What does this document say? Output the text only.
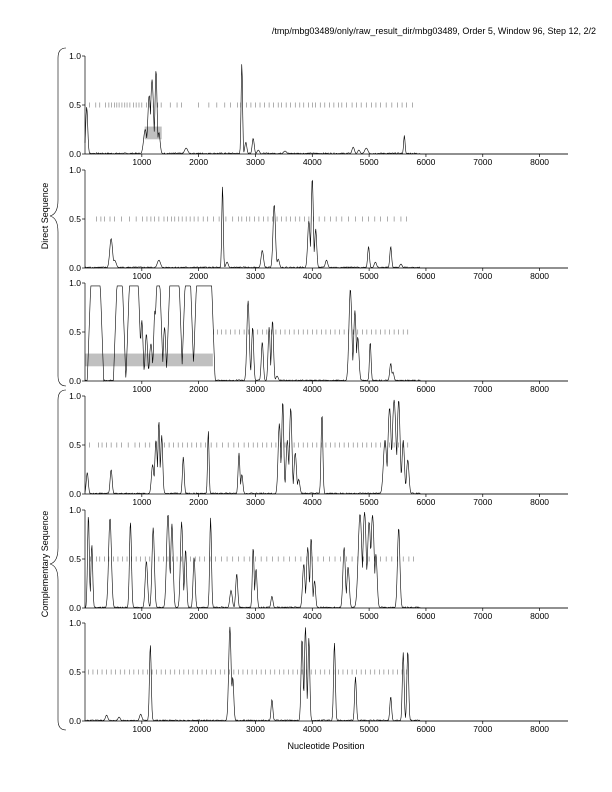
/tmp/mbg03489/only/raw_result_dir/mbg03489, Order 5, Window 96, Step 12, 2/2
0.0
0.5
1.0
1000	2000	3000	4000	5000	6000	7000	8000
0.0
0.5
1.0
1000	2000	3000	4000	5000	6000	7000	8000
0.0
0.5
1.0
1000	2000	3000	4000	5000	6000	7000	8000
0.0
0.5
1.0
1000	2000	3000	4000	5000	6000	7000	8000
0.0
0.5
1.0
1000	2000	3000	4000	5000	6000	7000	8000
0.0
0.5
1.0
1000	2000	3000	4000	5000	6000	7000	8000
Direct Sequence
Complementary Sequence
Nucleotide Position
